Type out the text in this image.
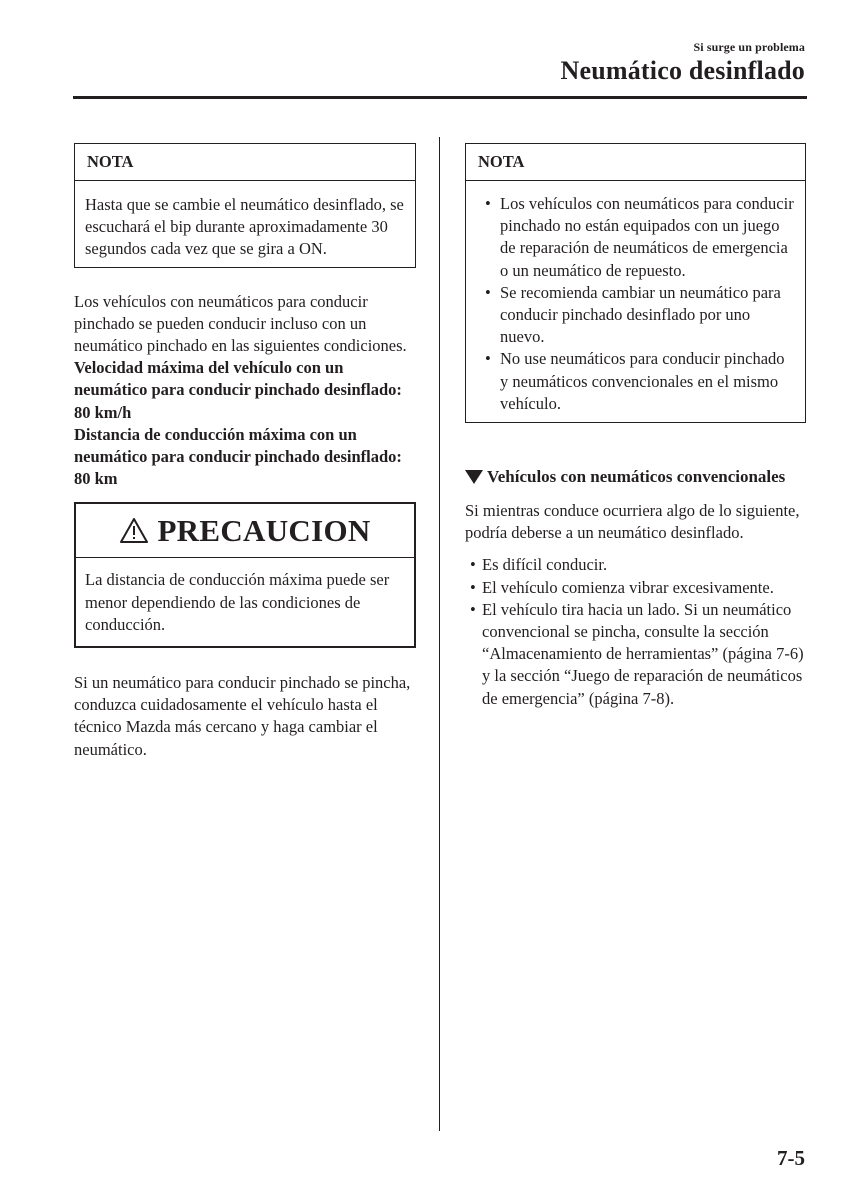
Si surge un problema
Neumático desinflado
NOTA
Hasta que se cambie el neumático desinflado, se escuchará el bip durante aproximadamente 30 segundos cada vez que se gira a ON.

Los vehículos con neumáticos para conducir pinchado se pueden conducir incluso con un neumático pinchado en las siguientes condiciones.

Velocidad máxima del vehículo con un neumático para conducir pinchado desinflado: 80 km/h

Distancia de conducción máxima con un neumático para conducir pinchado desinflado: 80 km

PRECAUCION
La distancia de conducción máxima puede ser menor dependiendo de las condiciones de conducción.

Si un neumático para conducir pinchado se pincha, conduzca cuidadosamente el vehículo hasta el técnico Mazda más cercano y haga cambiar el neumático.

NOTA
• Los vehículos con neumáticos para conducir pinchado no están equipados con un juego de reparación de neumáticos de emergencia o un neumático de repuesto.
• Se recomienda cambiar un neumático para conducir pinchado desinflado por uno nuevo.
• No use neumáticos para conducir pinchado y neumáticos convencionales en el mismo vehículo.
Vehículos con neumáticos convencionales

Si mientras conduce ocurriera algo de lo siguiente, podría deberse a un neumático desinflado.

• Es difícil conducir.
• El vehículo comienza vibrar excesivamente.
• El vehículo tira hacia un lado. Si un neumático convencional se pincha, consulte la sección “Almacenamiento de herramientas” (página 7-6) y la sección “Juego de reparación de neumáticos de emergencia” (página 7-8).
7-5
